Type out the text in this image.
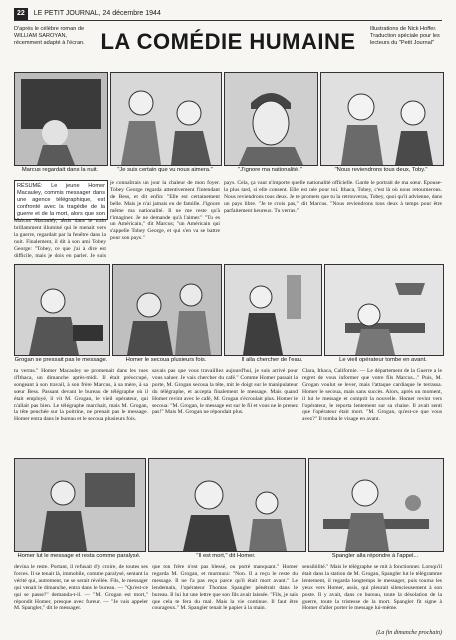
22 LE PETIT JOURNAL, 24 décembre 1944
D'après le célèbre roman de WILLIAM SAROYAN, récemment adapté à l'écran. LA COMÉDIE HUMAINE	Illustrations de Nick Hoffer. Traduction spéciale pour les lecteurs du "Petit Journal"
Marcus regardait dans la nuit.	"Je suis certain que vu nous aimera."	"J'ignore ma nationalité."	"Nous reviendrons tous deux, Toby."
RÉSUMÉ: Le jeune Homer Macauley, commis messager dans une agence télégraphique, est confronté avec la tragédie de la guerre et de la mort, alors que son
Marcus Macauley, assis dans le train brillamment illuminé qui le menait vers la guerre, regardait par la fenêtre dans la nuit. Finalement, il dit à son ami Tobey George: "Tobey, ce que j'ai à dire est difficile, mais je dois en parler. Je suis
je connaîtrais un jour la chaleur de mon foyer. Tobey George regarda attentivement l'intendant de Bess, et dit enfin: "Elle est certainement belle. Mais je n'ai jamais eu de famille. J'ignore même ma nationalité. Il ne me reste qu'à t'imaginer. Je ne demande qu'à l'aimer." "Tu es un Américain," dit Marcus; "un Américain qui s'appelle Tobey George, et qui s'en va se battre pour son pays."
pays. Cela, ça vaut n'importe quelle nationalité officielle. Garde le portrait de ma sœur. Épouse-la plus tard, si elle consent. Elle est née pour toi. Ithaca, Tobey, c'est là où nous retournerons. Nous reviendrons tous deux. Je te promets que tu la retrouveras, Tobey, quoi qu'il advienne, dans un pays libre. "Je te crois pas," dit Marcus. "Nous reviendrons tous deux à temps pour être parfaitement heureux. Tu verras."
Grogan se pressait pas le message.	Homer le secoua plusieurs fois.	Il alla chercher de l'eau.	Le vieil opérateur tombe en avant.
tu verras." Homer Macauley se promenait dans les rues d'Ithaca, un dimanche après-midi. Il était préoccupé, songeant à son travail, à son frère Marcus, à sa mère, à sa sœur Bess. Passant devant le bureau de télégraphe où il était employé, il vit M. Grogan, le vieil opérateur, qui n'allait pas bien. Le télégraphe marchait, mais M. Grogan, la tête penchée sur la poitrine, ne prenait pas le message. Homer entra dans le bureau et le secoua plusieurs fois.
savais pas que vous travailliez aujourd'hui, je suis arrivé pour vous saluer. Je vais chercher du café." Comme Homer passait la porte, M. Grogan secoua la tête, mit le doigt sur le manipulateur du télégraphe, et accepta finalement le message. Mais quand Homer revint avec le café, M. Grogan s'écroulait plus. Homer le secoua: "M. Grogan, le message est sur le fil et vous ne le prenez pas!" Mais M. Grogan ne répondait plus.
Clara, Ithaca, Californie. — Le département de la Guerre a le regret de vous informer que votre fils Marcus..." Puis, M. Grogan voulut se lever, mais l'attaque cardiaque le terrassa. Homer le secoua, mais sans succès. Alors, après un moment, il lut le message et comprit la nouvelle. Homer revint vers l'opérateur, le reporta lentement sur sa chaise. Il avait senti que l'opérateur était mort. "M. Grogan, qu'est-ce que vous avez?" Il tomba le visage en avant.
Homer lut le message et resta comme paralysé.	"Il est mort," dit Homer.	Spangler alla répondre à l'appel...
devina le reste. Portant, il refusait d'y croire, de toutes ses forces. Il se tenait là, immobile, comme paralysé, sentant la vérité qui, autrement, ne se serait révélée. Fils, le messager qui venait le dimanche, entra dans le bureau. — "Qu'est-ce qui se passe?" demanda-t-il. — "M. Grogan est mort," répondit Homer, presque avec fureur. — "Je vais appeler M. Spangler," dit le messager.
que ton frère n'est pas blessé, ou porté manquant." Homer regarda M. Grogan, et murmura: "Non. Il a reçu le reste du message. Il ne l'a pas reçu parce qu'il était mort avant." Le lendemain, l'opérateur Thomas Spangler pénétrait dans le bureau. Il lui lut une lettre que son fils avait laissée. "Fils, je sais que cela te fera du mal. Mais la vie continue. Il faut être courageux." M. Spangler tenait le papier à la main.
sensibilité." Mais le télégraphe se mit à fonctionner. Lorsqu'il était dans la station de M. Grogan, Spangler lut le télégramme lentement, il regarda longtemps le messager, puis tourna les yeux vers Homer, assis, qui pleurait silencieusement à son poste. Il y avait, dans ce bureau, toute la désolation de la guerre, toute la tristesse de la mort. Spangler fit signe à Homer d'aller porter le message lui-même.
(La fin dimanche prochain)
